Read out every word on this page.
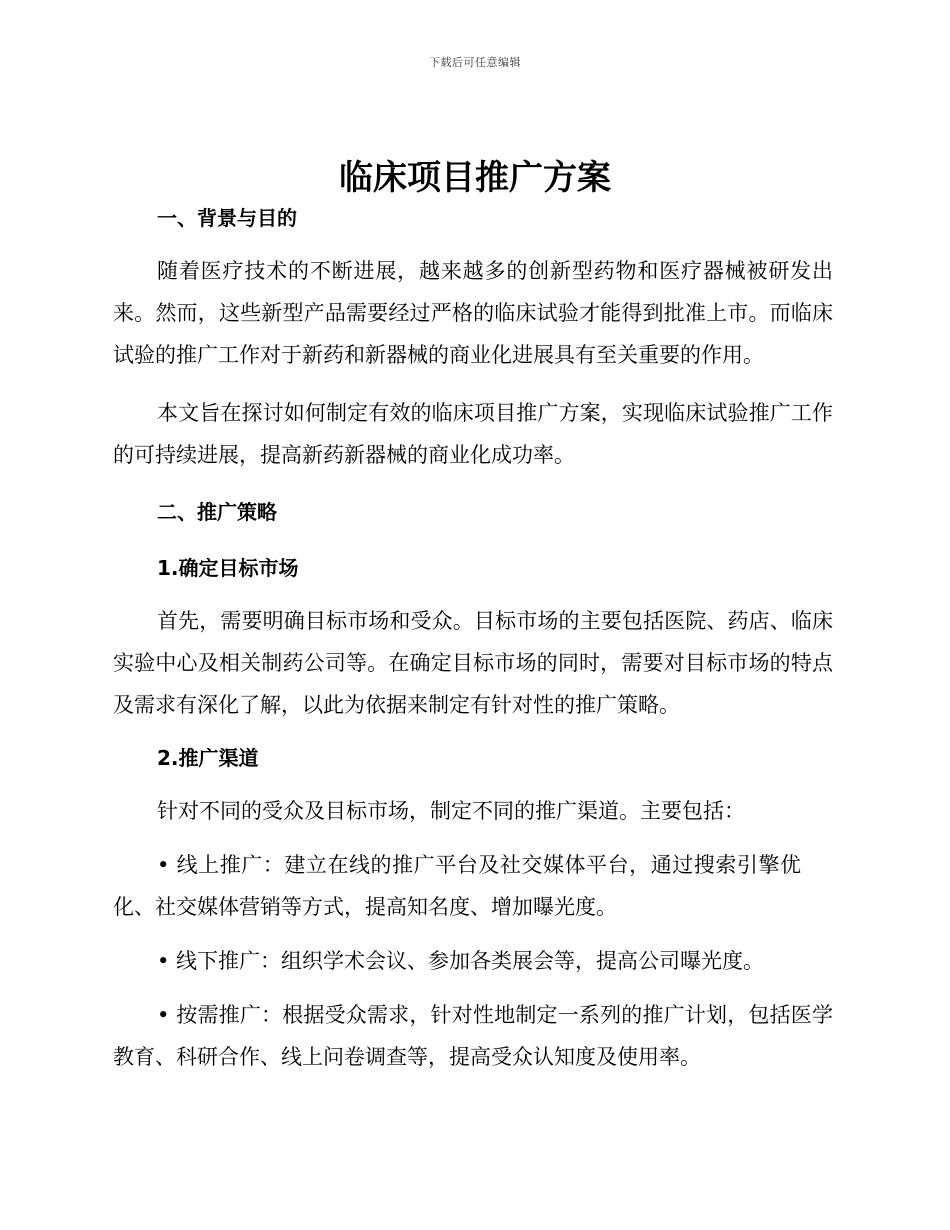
下载后可任意编辑
临床项目推广方案
一、背景与目的

随着医疗技术的不断进展，越来越多的创新型药物和医疗器械被研发出来。然而，这些新型产品需要经过严格的临床试验才能得到批准上市。而临床试验的推广工作对于新药和新器械的商业化进展具有至关重要的作用。

本文旨在探讨如何制定有效的临床项目推广方案，实现临床试验推广工作的可持续进展，提高新药新器械的商业化成功率。

二、推广策略
1.确定目标市场

首先，需要明确目标市场和受众。目标市场的主要包括医院、药店、临床实验中心及相关制药公司等。在确定目标市场的同时，需要对目标市场的特点及需求有深化了解，以此为依据来制定有针对性的推广策略。

2.推广渠道

针对不同的受众及目标市场，制定不同的推广渠道。主要包括：

• 线上推广：建立在线的推广平台及社交媒体平台，通过搜索引擎优化、社交媒体营销等方式，提高知名度、增加曝光度。

• 线下推广：组织学术会议、参加各类展会等，提高公司曝光度。

• 按需推广：根据受众需求，针对性地制定一系列的推广计划，包括医学教育、科研合作、线上问卷调查等，提高受众认知度及使用率。
